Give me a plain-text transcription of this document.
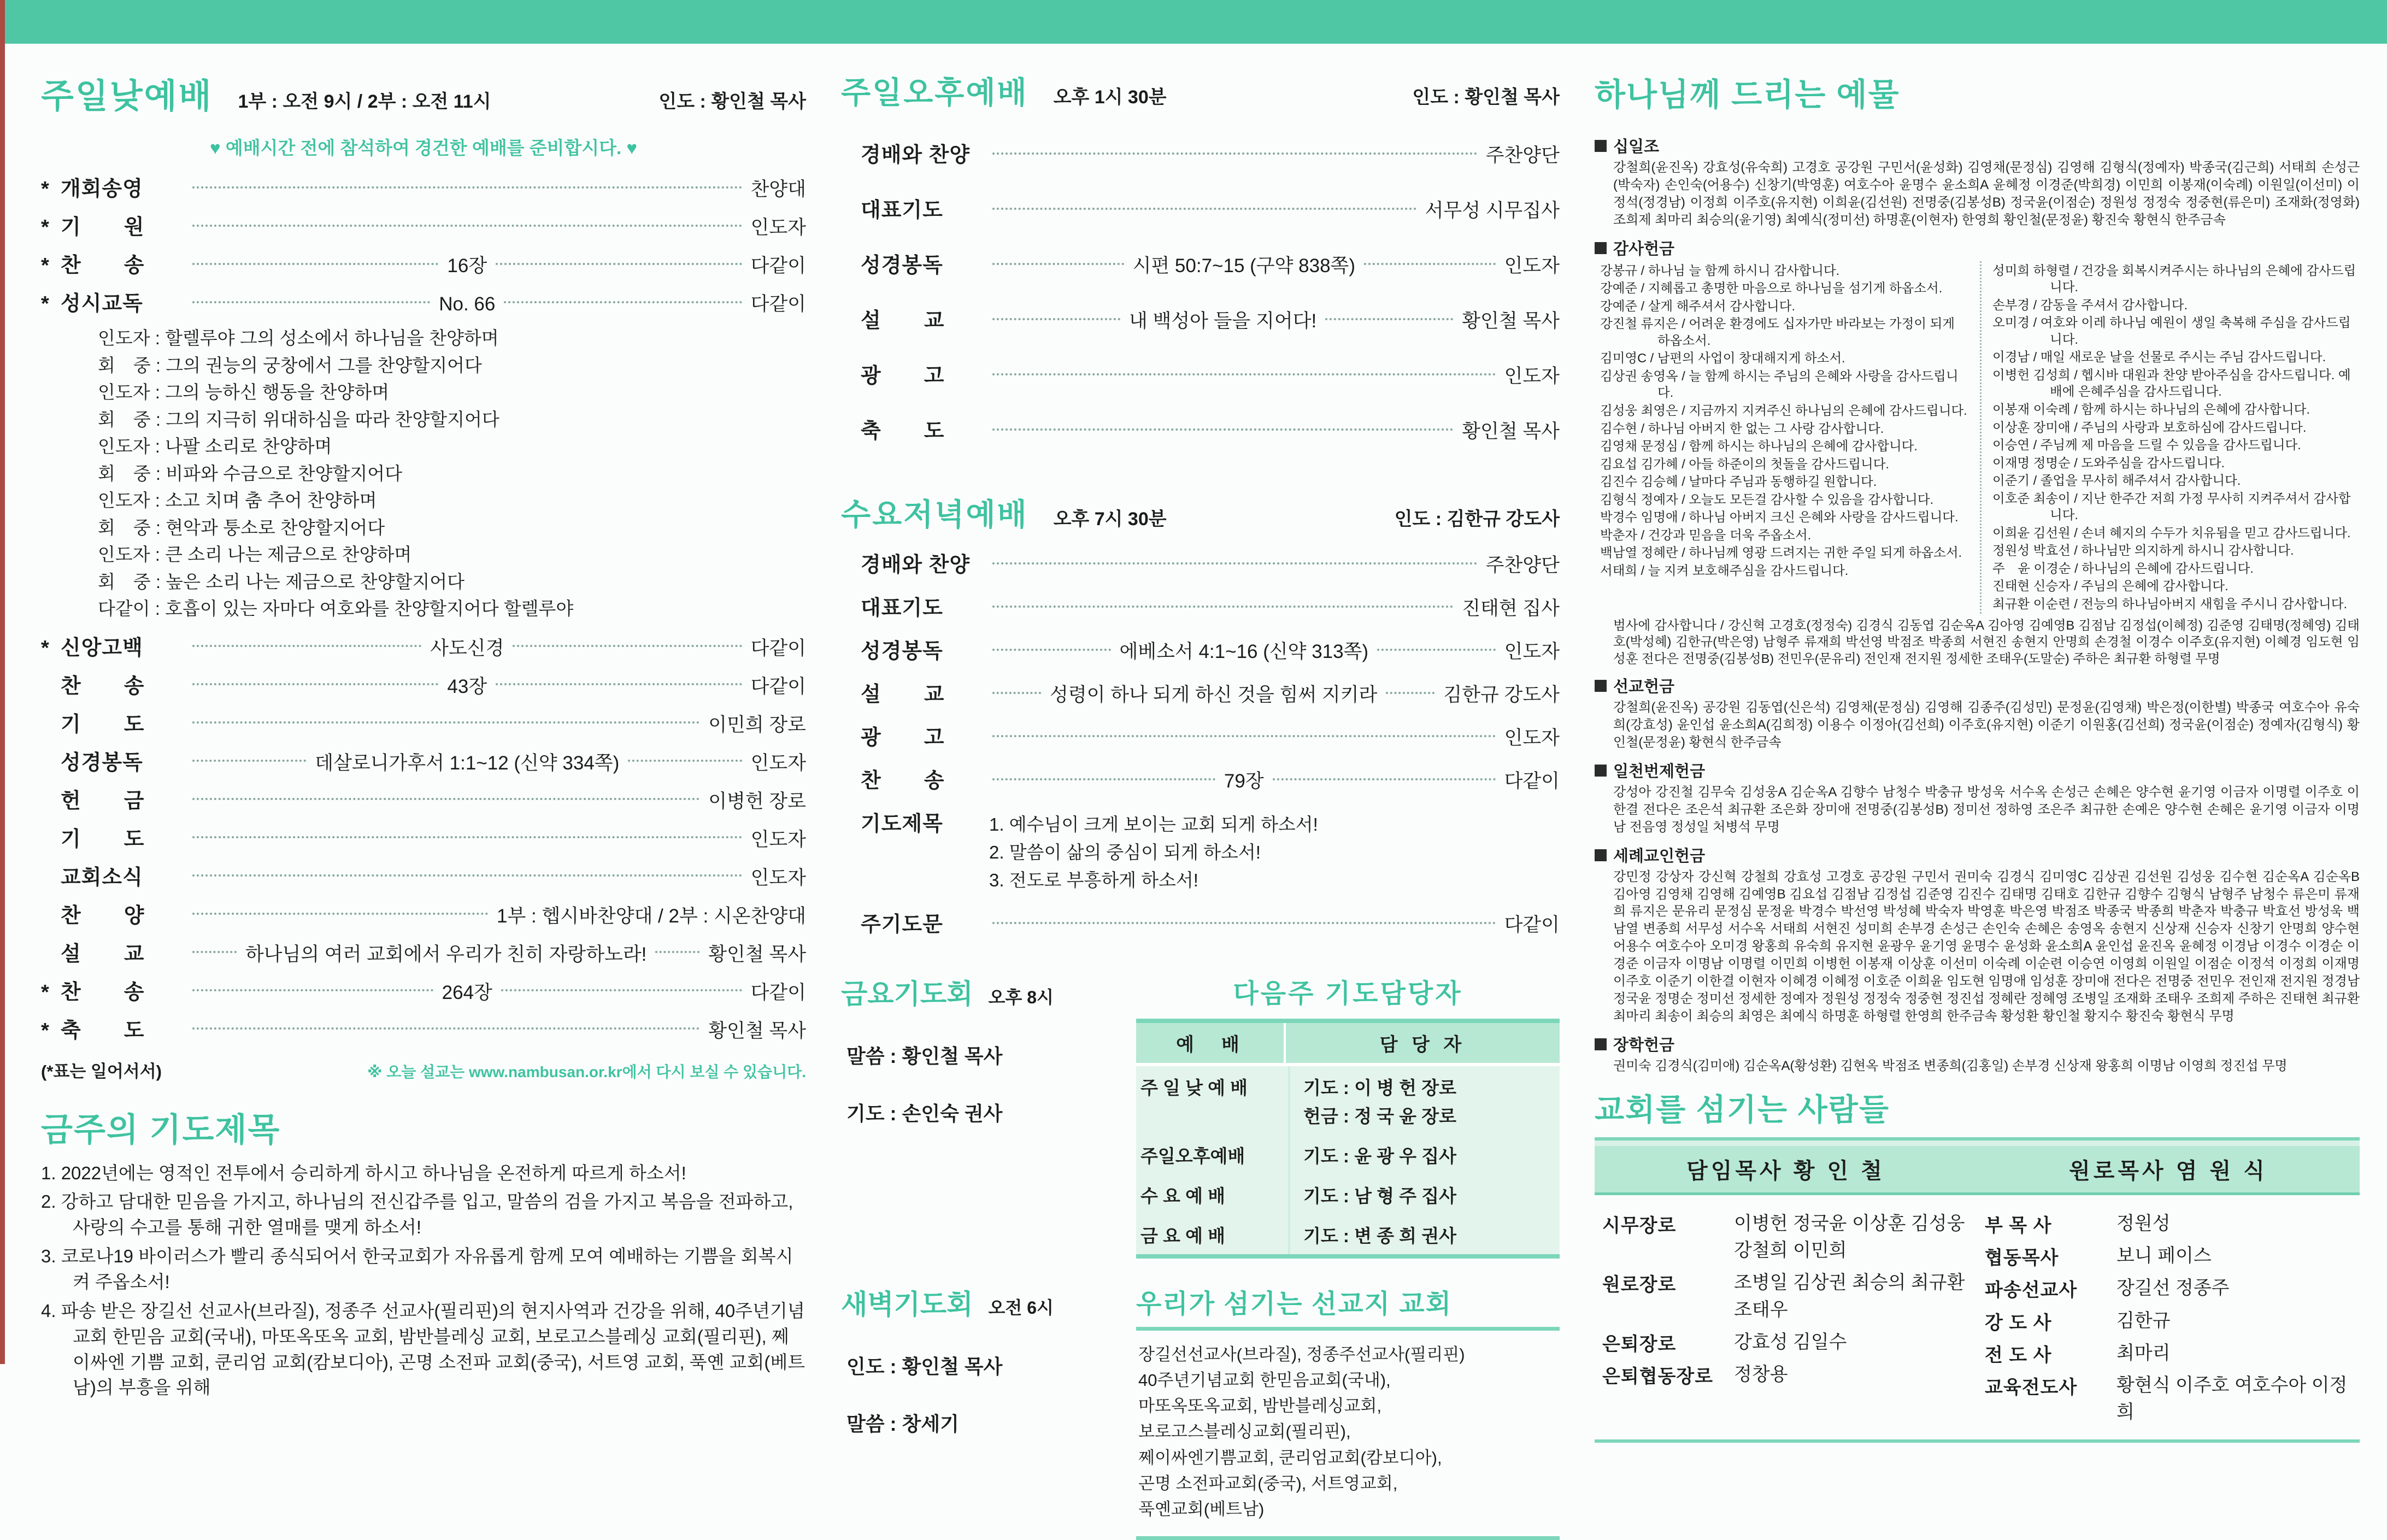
주일낮예배 1부 : 오전 9시 / 2부 : 오전 11시	인도 : 황인철 목사
♥ 예배시간 전에 참석하여 경건한 예배를 준비합시다. ♥
* 개회송영	찬양대
* 기　　원	인도자
* 찬　　송	16장	다같이
* 성시교독	No. 66	다같이
인도자 : 할렐루야 그의 성소에서 하나님을 찬양하며
회　중 : 그의 권능의 궁창에서 그를 찬양할지어다
인도자 : 그의 능하신 행동을 찬양하며
회　중 : 그의 지극히 위대하심을 따라 찬양할지어다
인도자 : 나팔 소리로 찬양하며
회　중 : 비파와 수금으로 찬양할지어다
인도자 : 소고 치며 춤 추어 찬양하며
회　중 : 현악과 퉁소로 찬양할지어다
인도자 : 큰 소리 나는 제금으로 찬양하며
회　중 : 높은 소리 나는 제금으로 찬양할지어다
다같이 : 호흡이 있는 자마다 여호와를 찬양할지어다 할렐루야
* 신앙고백	사도신경	다같이
찬　　송	43장	다같이
기　　도	이민희 장로
성경봉독	데살로니가후서 1:1~12 (신약 334쪽)	인도자
헌　　금	이병헌 장로
기　　도	인도자
교회소식	인도자
찬　　양	1부 : 헵시바찬양대 / 2부 : 시온찬양대
설　　교	하나님의 여러 교회에서 우리가 친히 자랑하노라!	황인철 목사
* 찬　　송	264장	다같이
* 축　　도	황인철 목사
(*표는 일어서서)	※ 오늘 설교는 www.nambusan.or.kr에서 다시 보실 수 있습니다.
금주의 기도제목
1. 2022년에는 영적인 전투에서 승리하게 하시고 하나님을 온전하게 따르게 하소서!
2. 강하고 담대한 믿음을 가지고, 하나님의 전신갑주를 입고, 말씀의 검을 가지고 복음을 전파하고, 사랑의 수고를 통해 귀한 열매를 맺게 하소서!
3. 코로나19 바이러스가 빨리 종식되어서 한국교회가 자유롭게 함께 모여 예배하는 기쁨을 회복시켜 주옵소서!
4. 파송 받은 장길선 선교사(브라질), 정종주 선교사(필리핀)의 현지사역과 건강을 위해, 40주년기념교회 한믿음 교회(국내), 마또옥또옥 교회, 밤반블레싱 교회, 보로고스블레싱 교회(필리핀), 쩨이싸엔 기쁨 교회, 쿤리엄 교회(캄보디아), 곤명 소전파 교회(중국), 서트영 교회, 푹옌 교회(베트남)의 부흥을 위해
주일오후예배 오후 1시 30분	인도 : 황인철 목사
경배와 찬양	주찬양단
대표기도	서무성 시무집사
성경봉독	시편 50:7~15 (구약 838쪽)	인도자
설　　교	내 백성아 들을 지어다!	황인철 목사
광　　고	인도자
축　　도	황인철 목사
수요저녁예배 오후 7시 30분	인도 : 김한규 강도사
경배와 찬양	주찬양단
대표기도	진태현 집사
성경봉독	에베소서 4:1~16 (신약 313쪽)	인도자
설　　교	성령이 하나 되게 하신 것을 힘써 지키라	김한규 강도사
광　　고	인도자
찬　　송	79장	다같이
기도제목	1. 예수님이 크게 보이는 교회 되게 하소서!
2. 말씀이 삶의 중심이 되게 하소서!
3. 전도로 부흥하게 하소서!
주기도문	다같이
금요기도회 오후 8시
말씀 : 황인철 목사
기도 : 손인숙 권사
다음주 기도담당자
예　배	담 당 자
주 일 낮 예 배	기도 : 이 병 헌 장로
헌금 : 정 국 윤 장로
주일오후예배	기도 : 윤 광 우 집사
수 요 예 배	기도 : 남 형 주 집사
금 요 예 배	기도 : 변 종 희 권사
새벽기도회 오전 6시
인도 : 황인철 목사
말씀 : 창세기
우리가 섬기는 선교지 교회
장길선선교사(브라질), 정종주선교사(필리핀)
40주년기념교회 한믿음교회(국내),
마또옥또옥교회, 밤반블레싱교회,
보로고스블레싱교회(필리핀),
쩨이싸엔기쁨교회, 쿤리엄교회(캄보디아),
곤명 소전파교회(중국), 서트영교회,
푹옌교회(베트남)
하나님께 드리는 예물
십일조

강철희(윤진옥) 강효성(유숙희) 고경호 공강원 구민서(윤성화) 김영채(문정심) 김영해 김형식(정예자) 박종국(김근희) 서태희 손성근(박숙자) 손인숙(어용수) 신창기(박영훈) 여호수아 윤명수 윤소희A 윤혜정 이경준(박희경) 이민희 이봉재(이숙례) 이원일(이선미) 이정석(정경남) 이정희 이주호(유지현) 이희윤(김선원) 전명중(김봉성B) 정국윤(이점순) 정원성 정정숙 정중현(류은미) 조재화(정영화) 조희제 최마리 최승의(윤기영) 최예식(정미선) 하명훈(이현자) 한영희 황인철(문정윤) 황진숙 황현식 한주금속

감사헌금
강봉규 / 하나님 늘 함께 하시니 감사합니다.
강예준 / 지혜롭고 총명한 마음으로 하나님을 섬기게 하옵소서.
강예준 / 살게 해주셔서 감사합니다.
강진철 류지은 / 어려운 환경에도 십자가만 바라보는 가정이 되게 하옵소서.
김미영C / 남편의 사업이 창대해지게 하소서.
김상권 송영옥 / 늘 함께 하시는 주님의 은혜와 사랑을 감사드립니다.
김성웅 최영은 / 지금까지 지켜주신 하나님의 은혜에 감사드립니다.
김수현 / 하나님 아버지 한 없는 그 사랑 감사합니다.
김영채 문정심 / 함께 하시는 하나님의 은혜에 감사합니다.
김요섭 김가혜 / 아들 하준이의 첫돌을 감사드립니다.
김진수 김승혜 / 날마다 주님과 동행하길 원합니다.
김형식 정예자 / 오늘도 모든걸 감사할 수 있음을 감사합니다.
박경수 임명애 / 하나님 아버지 크신 은혜와 사랑을 감사드립니다.
박춘자 / 건강과 믿음을 더욱 주옵소서.
백남열 정혜란 / 하나님께 영광 드려지는 귀한 주일 되게 하옵소서.
서태희 / 늘 지켜 보호해주심을 감사드립니다.
성미희 하형렬 / 건강을 회복시켜주시는 하나님의 은혜에 감사드립니다.
손부경 / 감동을 주셔서 감사합니다.
오미경 / 여호와 이레 하나님 예원이 생일 축복해 주심을 감사드립니다.
이경남 / 매일 새로운 날을 선물로 주시는 주님 감사드립니다.
이병헌 김성희 / 헵시바 대원과 찬양 받아주심을 감사드립니다. 예배에 은혜주심을 감사드립니다.
이봉재 이숙례 / 함께 하시는 하나님의 은혜에 감사합니다.
이상훈 장미애 / 주님의 사랑과 보호하심에 감사드립니다.
이승연 / 주님께 제 마음을 드릴 수 있음을 감사드립니다.
이재명 정명순 / 도와주심을 감사드립니다.
이준기 / 졸업을 무사히 해주셔서 감사합니다.
이호준 최송이 / 지난 한주간 저희 가정 무사히 지켜주셔서 감사합니다.
이희윤 김선원 / 손녀 혜지의 수두가 치유됨을 믿고 감사드립니다.
정원성 박효선 / 하나님만 의지하게 하시니 감사합니다.
주　윤 이경순 / 하나님의 은혜에 감사드립니다.
진태현 신승자 / 주님의 은혜에 감사합니다.
최규환 이순련 / 전능의 하나님아버지 새힘을 주시니 감사합니다.

범사에 감사합니다 / 강신혁 고경호(정정숙) 김경식 김동엽 김순옥A 김아영 김예영B 김점남 김정섭(이혜정) 김준영 김태명(정혜영) 김태호(박성혜) 김한규(박은영) 남형주 류재희 박선영 박점조 박종희 서현진 송현지 안명희 손경철 이경수 이주호(유지현) 이혜경 임도현 임성훈 전다은 전명중(김봉성B) 전민우(문유리) 전인재 전지원 정세한 조태우(도말순) 주하은 최규환 하형렬 무명

선교헌금

강철희(윤진옥) 공강원 김동엽(신은석) 김영채(문정심) 김영해 김종주(김성민) 문정윤(김영채) 박은정(이한별) 박종국 여호수아 유숙희(강효성) 윤인섭 윤소희A(김희정) 이용수 이정아(김선희) 이주호(유지현) 이준기 이원홍(김선희) 정국윤(이점순) 정예자(김형식) 황인철(문정윤) 황현식 한주금속

일천번제헌금

강성아 강진철 김무숙 김성웅A 김순옥A 김향수 남청수 박충규 방성욱 서수옥 손성근 손혜은 양수현 윤기영 이금자 이명렬 이주호 이한결 전다은 조은석 최규환 조은화 장미애 전명중(김봉성B) 정미선 정하영 조은주 최규한 손예은 양수현 손혜은 윤기영 이금자 이명남 전음영 정성일 처병석 무명

세례교인헌금

강민정 강상자 강신혁 강철희 강효성 고경호 공강원 구민서 권미숙 김경식 김미영C 김상권 김선원 김성웅 김수현 김순옥A 김순옥B 김아영 김영채 김영해 김예영B 김요섭 김점남 김정섭 김준영 김진수 김태명 김태호 김한규 김향수 김형식 남형주 남청수 류은미 류재희 류지은 문유리 문정심 문정윤 박경수 박선영 박성혜 박숙자 박영훈 박은영 박점조 박종국 박종희 박춘자 박충규 박효선 방성욱 백남열 변종희 서무성 서수옥 서태희 서현진 성미희 손부경 손성근 손인숙 손혜은 송영옥 송현지 신상재 신승자 신창기 안명희 양수현 어용수 여호수아 오미경 왕홍희 유숙희 유지현 윤광우 윤기영 윤명수 윤성화 윤소희A 윤인섭 윤진옥 윤혜정 이경남 이경수 이경순 이경준 이금자 이명남 이명렬 이민희 이병헌 이봉재 이상훈 이선미 이숙례 이순련 이승연 이영희 이원일 이점순 이정석 이정희 이재명 이주호 이준기 이한결 이현자 이혜경 이혜정 이호준 이희윤 임도현 임명애 임성훈 장미애 전다은 전명중 전민우 전인재 전지원 정경남 정국윤 정명순 정미선 정세한 정예자 정원성 정정숙 정중현 정진섭 정혜란 정혜영 조병일 조재화 조태우 조희제 주하은 진태현 최규환 최마리 최송이 최승의 최영은 최예식 하명훈 하형렬 한영희 한주금속 황성환 황인철 황지수 황진숙 황현식 무명

장학헌금

권미숙 김경식(김미애) 김순옥A(황성환) 김현옥 박점조 변종희(김홍일) 손부경 신상재 왕홍희 이명남 이영희 정진섭 무명

교회를 섬기는 사람들
담임목사 황 인 철	원로목사 염 원 식
시무장로	이병헌 정국윤 이상훈 김성웅
강철희 이민희
원로장로	조병일 김상권 최승의 최규환
조태우
은퇴장로	강효성 김일수
은퇴협동장로	정창용
부 목 사	정원성
협동목사	보니 페이스
파송선교사	장길선 정종주
강 도 사	김한규
전 도 사	최마리
교육전도사	황현식 이주호 여호수아 이정희
